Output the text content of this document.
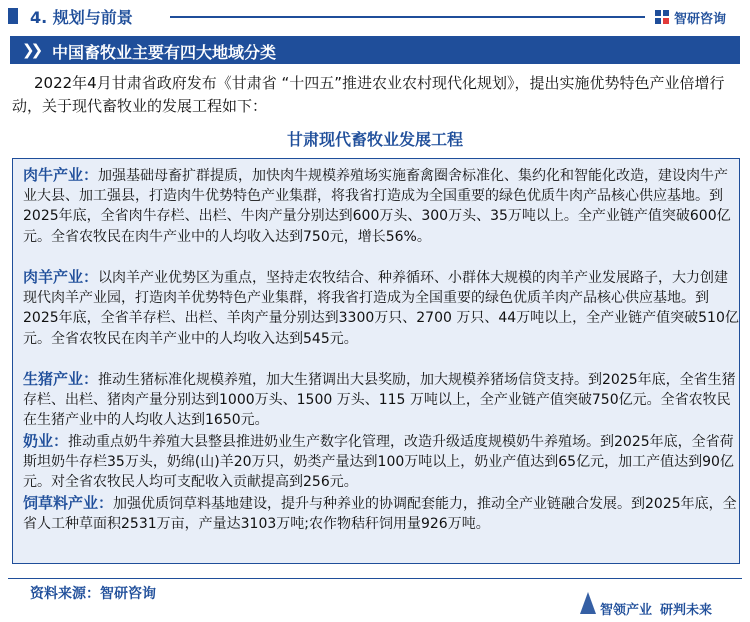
4. 规划与前景	智研咨询
❯❯ 中国畜牧业主要有四大地域分类
2022年4月甘肃省政府发布《甘肃省 “十四五”推进农业农村现代化规划》，提出实施优势特色产业倍增行动，关于现代畜牧业的发展工程如下：
甘肃现代畜牧业发展工程
肉牛产业：加强基础母畜扩群提质，加快肉牛规模养殖场实施畜禽圈舍标准化、集约化和智能化改造，建设肉牛产业大县、加工强县，打造肉牛优势特色产业集群，将我省打造成为全国重要的绿色优质牛肉产品核心供应基地。到2025年底，全省肉牛存栏、出栏、牛肉产量分别达到600万头、300万头、35万吨以上。全产业链产值突破600亿元。全省农牧民在肉牛产业中的人均收入达到750元，增长56%。
肉羊产业：以肉羊产业优势区为重点，坚持走农牧结合、种养循环、小群体大规模的肉羊产业发展路子，大力创建现代肉羊产业园，打造肉羊优势特色产业集群，将我省打造成为全国重要的绿色优质羊肉产品核心供应基地。到2025年底，全省羊存栏、出栏、羊肉产量分别达到3300万只、2700 万只、44万吨以上，全产业链产值突破510亿元。全省农牧民在肉羊产业中的人均收入达到545元。
生猪产业：推动生猪标准化规模养殖，加大生猪调出大县奖励，加大规模养猪场信贷支持。到2025年底，全省生猪存栏、出栏、猪肉产量分别达到1000万头、1500 万头、115 万吨以上，全产业链产值突破750亿元。全省农牧民在生猪产业中的人均收人达到1650元。
奶业：推动重点奶牛养殖大县整县推进奶业生产数字化管理，改造升级适度规模奶牛养殖场。到2025年底，全省荷斯坦奶牛存栏35万头，奶绵(山)羊20万只，奶类产量达到100万吨以上，奶业产值达到65亿元，加工产值达到90亿元。对全省农牧民人均可支配收入贡献提高到256元。
饲草料产业：加强优质饲草料基地建设，提升与种养业的协调配套能力，推动全产业链融合发展。到2025年底，全省人工种草面积2531万亩，产量达3103万吨;农作物秸秆饲用量926万吨。
资料来源：智研咨询
智领产业 研判未来
